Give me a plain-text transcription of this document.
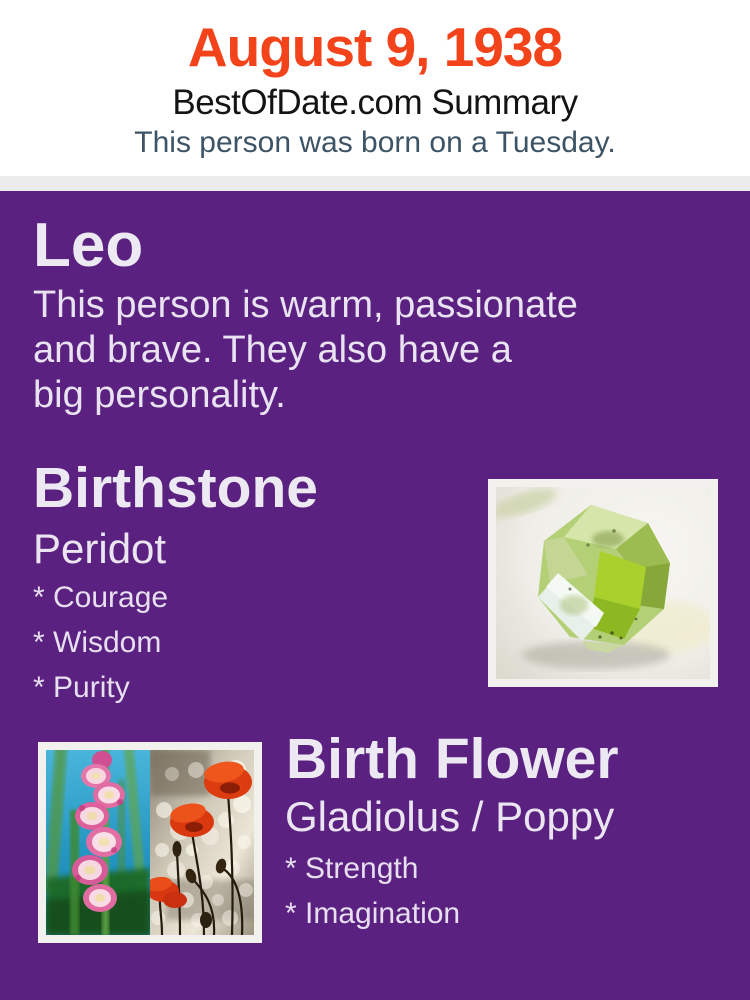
August 9, 1938
BestOfDate.com Summary
This person was born on a Tuesday.
Leo
This person is warm, passionate
and brave. They also have a
big personality.
Birthstone
Peridot
* Courage
* Wisdom
* Purity
Birth Flower
Gladiolus / Poppy
* Strength
* Imagination
